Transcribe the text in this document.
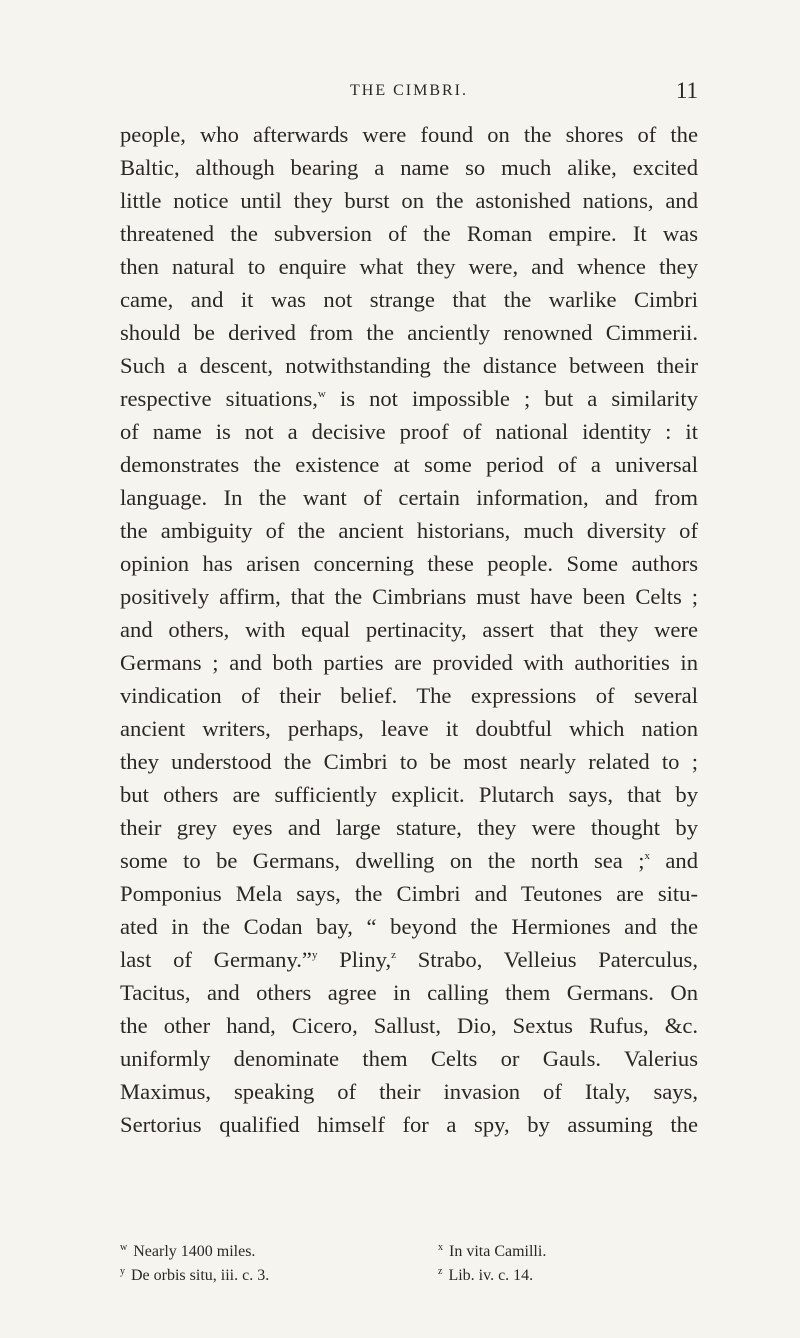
THE CIMBRI.	11
people, who afterwards were found on the shores of the
Baltic, although bearing a name so much alike, excited
little notice until they burst on the astonished nations, and
threatened the subversion of the Roman empire. It was
then natural to enquire what they were, and whence they
came, and it was not strange that the warlike Cimbri
should be derived from the anciently renowned Cimmerii.
Such a descent, notwithstanding the distance between their
respective situations,$^w$ is not impossible ; but a similarity
of name is not a decisive proof of national identity : it
demonstrates the existence at some period of a universal
language. In the want of certain information, and from
the ambiguity of the ancient historians, much diversity of
opinion has arisen concerning these people. Some authors
positively affirm, that the Cimbrians must have been Celts ;
and others, with equal pertinacity, assert that they were
Germans ; and both parties are provided with authorities in
vindication of their belief. The expressions of several
ancient writers, perhaps, leave it doubtful which nation
they understood the Cimbri to be most nearly related to ;
but others are sufficiently explicit. Plutarch says, that by
their grey eyes and large stature, they were thought by
some to be Germans, dwelling on the north sea ;$^x$ and
Pomponius Mela says, the Cimbri and Teutones are situ-
ated in the Codan bay, “ beyond the Hermiones and the
last of Germany.”$^y$ Pliny,$^z$ Strabo, Velleius Paterculus,
Tacitus, and others agree in calling them Germans. On
the other hand, Cicero, Sallust, Dio, Sextus Rufus, &c.
uniformly denominate them Celts or Gauls. Valerius
Maximus, speaking of their invasion of Italy, says,
Sertorius qualified himself for a spy, by assuming the
$^w$ Nearly 1400 miles.	$^x$ In vita Camilli.
$^y$ De orbis situ, iii. c. 3.	$^z$ Lib. iv. c. 14.
